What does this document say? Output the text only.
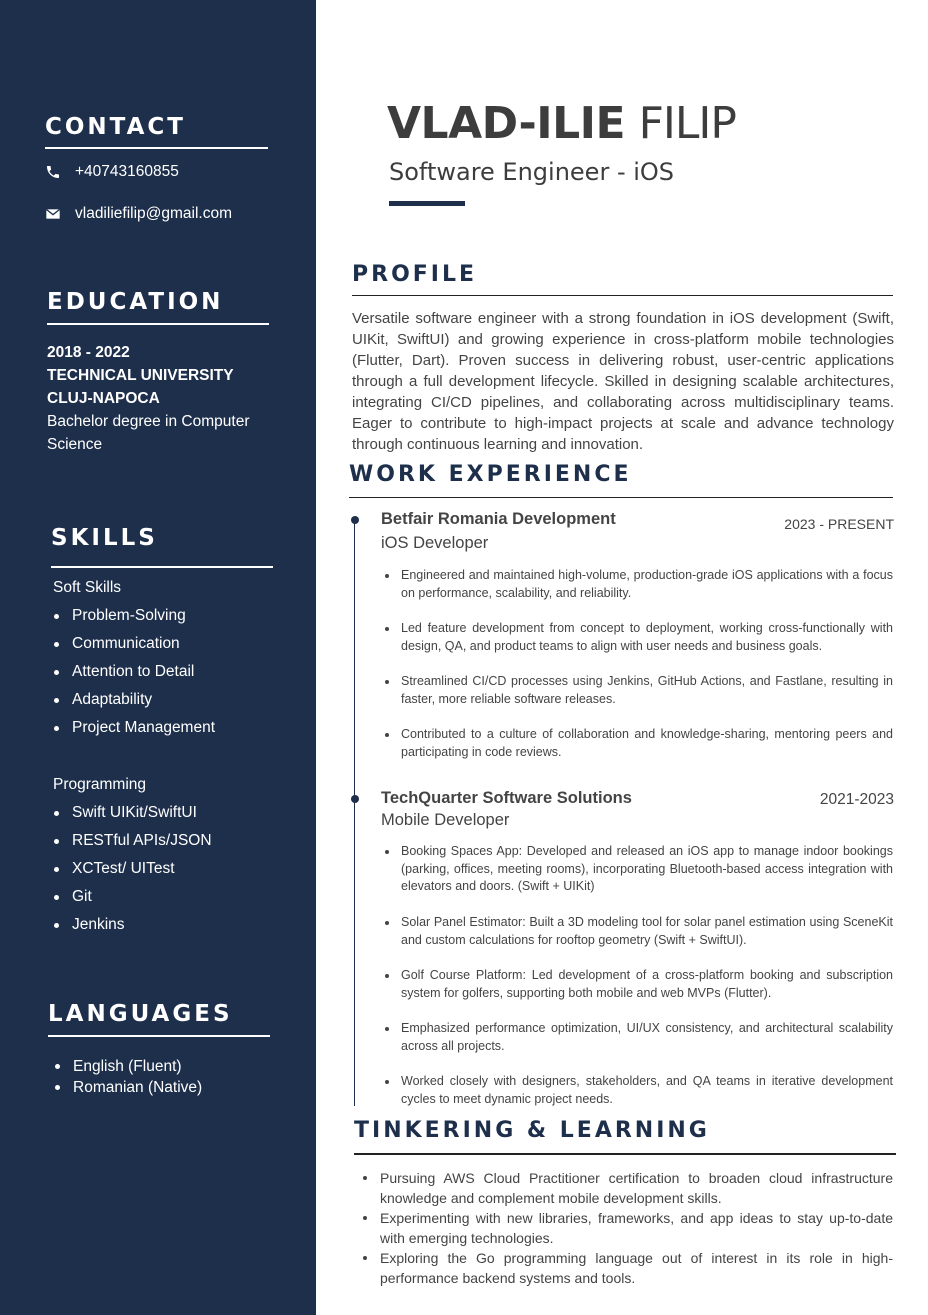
CONTACT
+40743160855
vladiliefilip@gmail.com
EDUCATION
2018 - 2022
TECHNICAL UNIVERSITY
CLUJ-NAPOCA
Bachelor degree in Computer Science
SKILLS
Soft Skills
Problem-Solving
Communication
Attention to Detail
Adaptability
Project Management
Programming
Swift UIKit/SwiftUI
RESTful APIs/JSON
XCTest/ UITest
Git
Jenkins
LANGUAGES
English (Fluent)
Romanian (Native)
VLAD-ILIE FILIP
Software Engineer - iOS
PROFILE

Versatile software engineer with a strong foundation in iOS development (Swift, UIKit, SwiftUI) and growing experience in cross-platform mobile technologies (Flutter, Dart). Proven success in delivering robust, user-centric applications through a full development lifecycle. Skilled in designing scalable architectures, integrating CI/CD pipelines, and collaborating across multidisciplinary teams. Eager to contribute to high-impact projects at scale and advance technology through continuous learning and innovation.

WORK EXPERIENCE
Betfair Romania Development	2023 - PRESENT
iOS Developer
Engineered and maintained high-volume, production-grade iOS applications with a focus on performance, scalability, and reliability.
Led feature development from concept to deployment, working cross-functionally with design, QA, and product teams to align with user needs and business goals.
Streamlined CI/CD processes using Jenkins, GitHub Actions, and Fastlane, resulting in faster, more reliable software releases.
Contributed to a culture of collaboration and knowledge-sharing, mentoring peers and participating in code reviews.
TechQuarter Software Solutions	2021-2023
Mobile Developer
Booking Spaces App: Developed and released an iOS app to manage indoor bookings (parking, offices, meeting rooms), incorporating Bluetooth-based access integration with elevators and doors. (Swift + UIKit)
Solar Panel Estimator: Built a 3D modeling tool for solar panel estimation using SceneKit and custom calculations for rooftop geometry (Swift + SwiftUI).
Golf Course Platform: Led development of a cross-platform booking and subscription system for golfers, supporting both mobile and web MVPs (Flutter).
Emphasized performance optimization, UI/UX consistency, and architectural scalability across all projects.
Worked closely with designers, stakeholders, and QA teams in iterative development cycles to meet dynamic project needs.
TINKERING & LEARNING
Pursuing AWS Cloud Practitioner certification to broaden cloud infrastructure knowledge and complement mobile development skills.
Experimenting with new libraries, frameworks, and app ideas to stay up-to-date with emerging technologies.
Exploring the Go programming language out of interest in its role in high-performance backend systems and tools.
